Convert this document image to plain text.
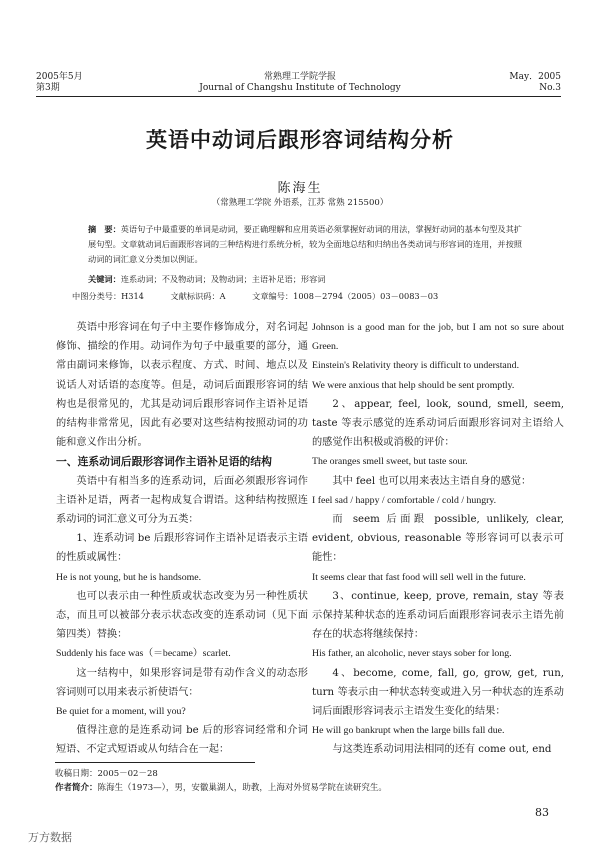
2005年5月
第3期
常熟理工学院学报
Journal of Changshu Institute of Technology
May．2005
No.3
英语中动词后跟形容词结构分析
陈海生
（常熟理工学院 外语系，江苏 常熟 215500）
摘　要：英语句子中最重要的单词是动词，要正确理解和应用英语必须掌握好动词的用法，掌握好动词的基本句型及其扩展句型。文章就动词后面跟形容词的三种结构进行系统分析，较为全面地总结和归纳出各类动词与形容词的连用，并按照动词的词汇意义分类加以例证。
关键词：连系动词；不及物动词；及物动词；主语补足语；形容词
中图分类号：H314	文献标识码：A	文章编号：1008－2794（2005）03－0083－03

英语中形容词在句子中主要作修饰成分，对名词起修饰、描绘的作用。动词作为句子中最重要的部分，通常由副词来修饰，以表示程度、方式、时间、地点以及说话人对话语的态度等。但是，动词后面跟形容词的结构也是很常见的，尤其是动词后跟形容词作主语补足语的结构非常常见，因此有必要对这些结构按照动词的功能和意义作出分析。

一、连系动词后跟形容词作主语补足语的结构

英语中有相当多的连系动词，后面必须跟形容词作主语补足语，两者一起构成复合谓语。这种结构按照连系动词的词汇意义可分为五类：

1、连系动词 be 后跟形容词作主语补足语表示主语的性质或属性：

He is not young, but he is handsome.

也可以表示由一种性质或状态改变为另一种性质状态，而且可以被部分表示状态改变的连系动词（见下面第四类）替换：

Suddenly his face was（＝became）scarlet.

这一结构中，如果形容词是带有动作含义的动态形容词则可以用来表示祈使语气：

Be quiet for a moment, will you?

值得注意的是连系动词 be 后的形容词经常和介词短语、不定式短语或从句结合在一起：

Johnson is a good man for the job, but I am not so sure about Green.

Einstein's Relativity theory is difficult to understand.

We were anxious that help should be sent promptly.

2、appear, feel, look, sound, smell, seem, taste 等表示感觉的连系动词后面跟形容词对主语给人的感觉作出积极或消极的评价：

The oranges smell sweet, but taste sour.

其中 feel 也可以用来表达主语自身的感觉：

I feel sad / happy / comfortable / cold / hungry.

而 seem 后面跟 possible, unlikely, clear, evident, obvious, reasonable 等形容词可以表示可能性：

It seems clear that fast food will sell well in the future.

3、continue, keep, prove, remain, stay 等表示保持某种状态的连系动词后面跟形容词表示主语先前存在的状态将继续保持：

His father, an alcoholic, never stays sober for long.

4、become, come, fall, go, grow, get, run, turn 等表示由一种状态转变或进入另一种状态的连系动词后面跟形容词表示主语发生变化的结果：

He will go bankrupt when the large bills fall due.

与这类连系动词用法相同的还有 come out, end

收稿日期：2005－02－28
作者简介：陈海生（1973—），男，安徽巢湖人，助教，上海对外贸易学院在读研究生。
83
万方数据
